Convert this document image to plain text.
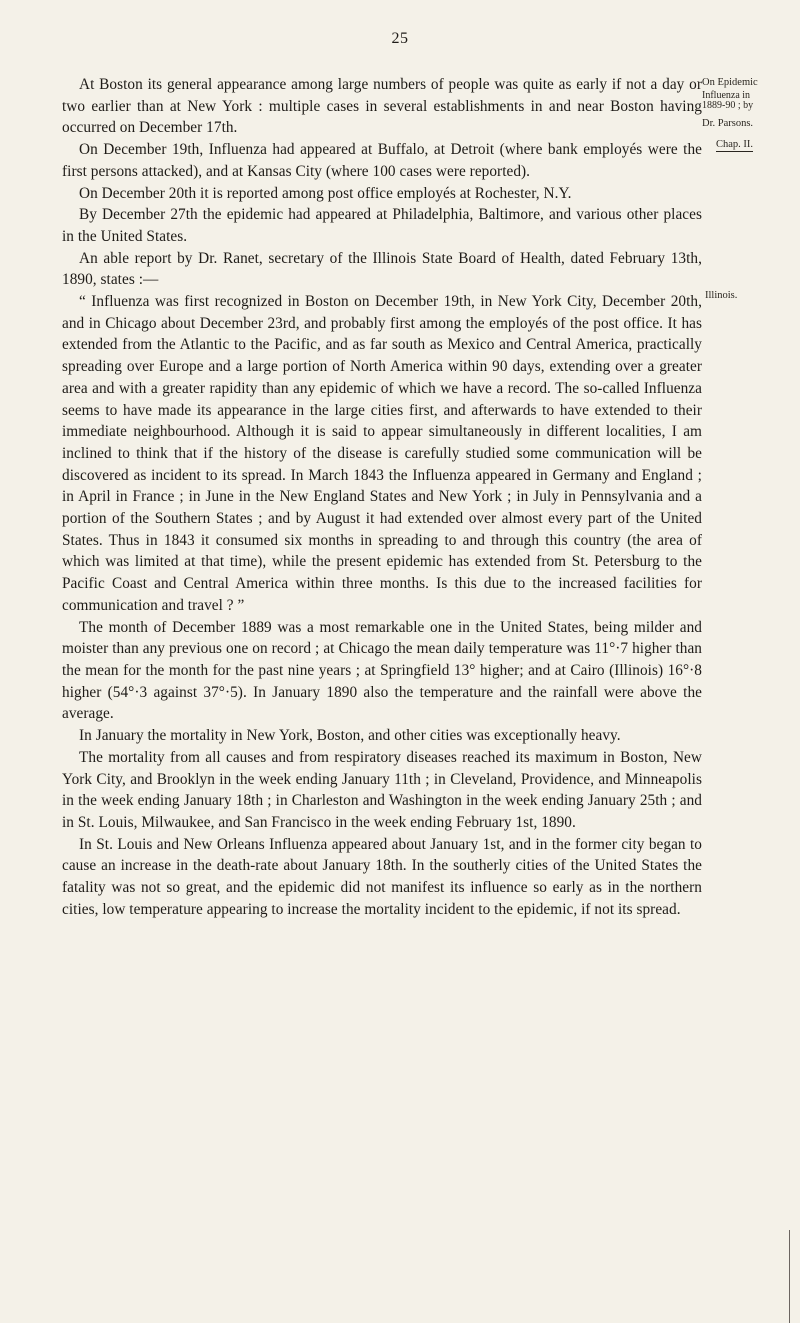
25
On Epidemic
Influenza in
1889-90 ; by
Dr. Parsons.
Chap. II.
Illinois.

At Boston its general appearance among large numbers of people was quite as early if not a day or two earlier than at New York : multiple cases in several establishments in and near Boston having occurred on December 17th.

On December 19th, Influenza had appeared at Buffalo, at Detroit (where bank employés were the first persons attacked), and at Kansas City (where 100 cases were reported).

On December 20th it is reported among post office employés at Rochester, N.Y.

By December 27th the epidemic had appeared at Philadelphia, Baltimore, and various other places in the United States.

An able report by Dr. Ranet, secretary of the Illinois State Board of Health, dated February 13th, 1890, states :—

“ Influenza was first recognized in Boston on December 19th, in New York City, December 20th, and in Chicago about December 23rd, and probably first among the employés of the post office. It has extended from the Atlantic to the Pacific, and as far south as Mexico and Central America, practically spreading over Europe and a large portion of North America within 90 days, extending over a greater area and with a greater rapidity than any epidemic of which we have a record. The so-called Influenza seems to have made its appearance in the large cities first, and afterwards to have extended to their immediate neighbourhood. Although it is said to appear simultaneously in different localities, I am inclined to think that if the history of the disease is carefully studied some communication will be discovered as incident to its spread. In March 1843 the Influenza appeared in Germany and England ; in April in France ; in June in the New England States and New York ; in July in Pennsylvania and a portion of the Southern States ; and by August it had extended over almost every part of the United States. Thus in 1843 it consumed six months in spreading to and through this country (the area of which was limited at that time), while the present epidemic has extended from St. Petersburg to the Pacific Coast and Central America within three months. Is this due to the increased facilities for communication and travel ? ”

The month of December 1889 was a most remarkable one in the United States, being milder and moister than any previous one on record ; at Chicago the mean daily temperature was 11°·7 higher than the mean for the month for the past nine years ; at Springfield 13° higher; and at Cairo (Illinois) 16°·8 higher (54°·3 against 37°·5). In January 1890 also the temperature and the rainfall were above the average.

In January the mortality in New York, Boston, and other cities was exceptionally heavy.

The mortality from all causes and from respiratory diseases reached its maximum in Boston, New York City, and Brooklyn in the week ending January 11th ; in Cleveland, Providence, and Minneapolis in the week ending January 18th ; in Charleston and Washington in the week ending January 25th ; and in St. Louis, Milwaukee, and San Francisco in the week ending February 1st, 1890.

In St. Louis and New Orleans Influenza appeared about January 1st, and in the former city began to cause an increase in the death-rate about January 18th. In the southerly cities of the United States the fatality was not so great, and the epidemic did not manifest its influence so early as in the northern cities, low temperature appearing to increase the mortality incident to the epidemic, if not its spread.
